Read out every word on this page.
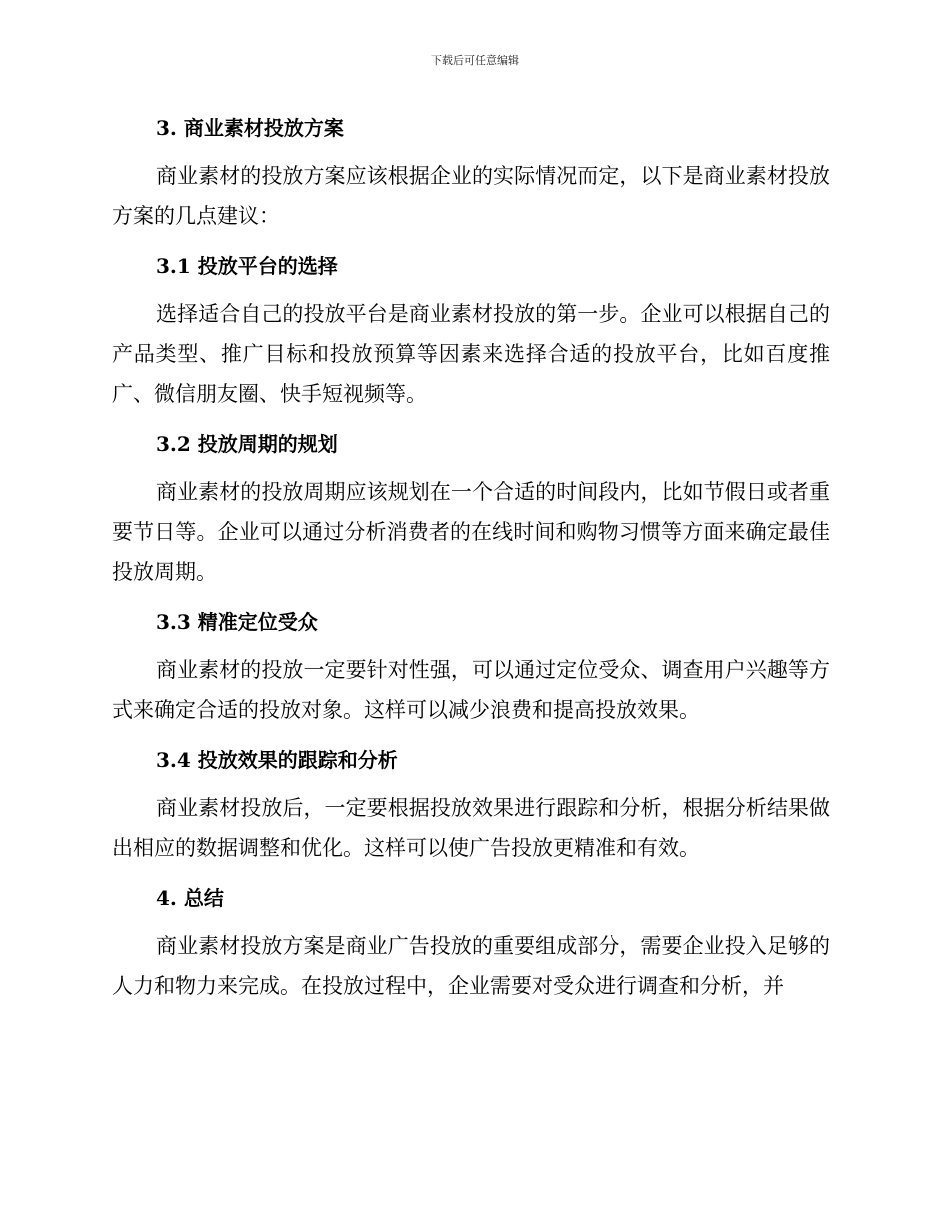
下载后可任意编辑
3. 商业素材投放方案
商业素材的投放方案应该根据企业的实际情况而定，以下是商业素材投放方案的几点建议：
3.1 投放平台的选择
选择适合自己的投放平台是商业素材投放的第一步。企业可以根据自己的产品类型、推广目标和投放预算等因素来选择合适的投放平台，比如百度推广、微信朋友圈、快手短视频等。
3.2 投放周期的规划
商业素材的投放周期应该规划在一个合适的时间段内，比如节假日或者重要节日等。企业可以通过分析消费者的在线时间和购物习惯等方面来确定最佳投放周期。
3.3 精准定位受众
商业素材的投放一定要针对性强，可以通过定位受众、调查用户兴趣等方式来确定合适的投放对象。这样可以减少浪费和提高投放效果。
3.4 投放效果的跟踪和分析
商业素材投放后，一定要根据投放效果进行跟踪和分析，根据分析结果做出相应的数据调整和优化。这样可以使广告投放更精准和有效。
4. 总结
商业素材投放方案是商业广告投放的重要组成部分，需要企业投入足够的人力和物力来完成。在投放过程中，企业需要对受众进行调查和分析，并
